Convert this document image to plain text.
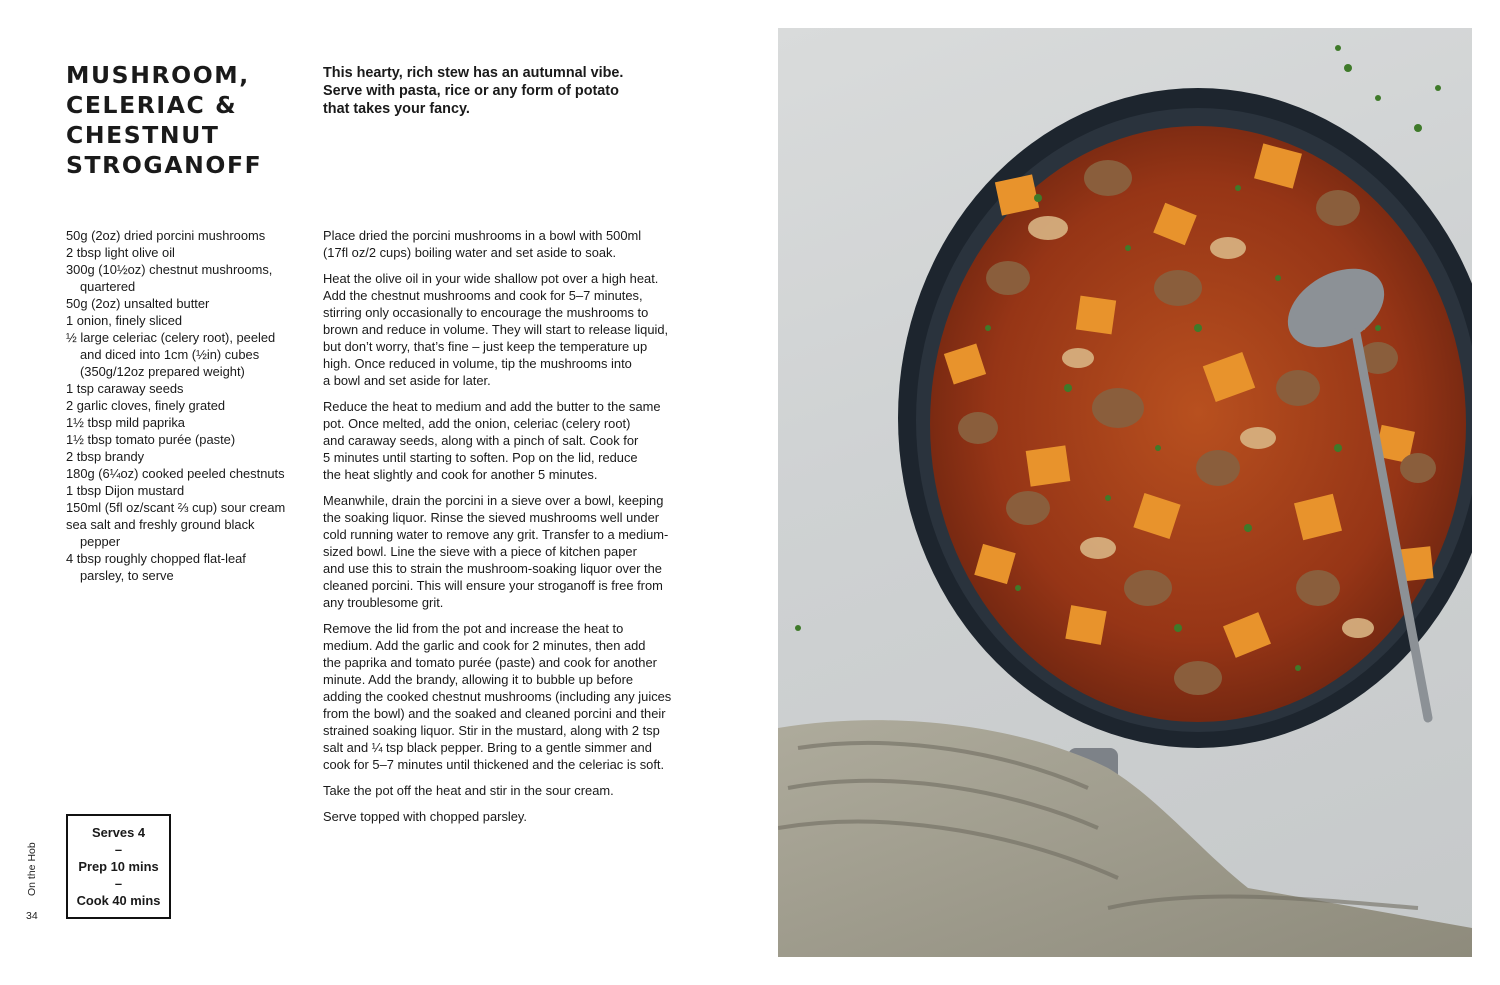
MUSHROOM,
CELERIAC &
CHESTNUT
STROGANOFF
This hearty, rich stew has an autumnal vibe.
Serve with pasta, rice or any form of potato
that takes your fancy.
50g (2oz) dried porcini mushrooms
2 tbsp light olive oil
300g (10½oz) chestnut mushrooms,
quartered
50g (2oz) unsalted butter
1 onion, finely sliced
½ large celeriac (celery root), peeled
and diced into 1cm (½in) cubes
(350g/12oz prepared weight)
1 tsp caraway seeds
2 garlic cloves, finely grated
1½ tbsp mild paprika
1½ tbsp tomato purée (paste)
2 tbsp brandy
180g (6¼oz) cooked peeled chestnuts
1 tbsp Dijon mustard
150ml (5fl oz/scant ⅔ cup) sour cream
sea salt and freshly ground black
pepper
4 tbsp roughly chopped flat-leaf
parsley, to serve

Place dried the porcini mushrooms in a bowl with 500ml
(17fl oz/2 cups) boiling water and set aside to soak.

Heat the olive oil in your wide shallow pot over a high heat.
Add the chestnut mushrooms and cook for 5–7 minutes,
stirring only occasionally to encourage the mushrooms to
brown and reduce in volume. They will start to release liquid,
but don’t worry, that’s fine – just keep the temperature up
high. Once reduced in volume, tip the mushrooms into
a bowl and set aside for later.

Reduce the heat to medium and add the butter to the same
pot. Once melted, add the onion, celeriac (celery root)
and caraway seeds, along with a pinch of salt. Cook for
5 minutes until starting to soften. Pop on the lid, reduce
the heat slightly and cook for another 5 minutes.

Meanwhile, drain the porcini in a sieve over a bowl, keeping
the soaking liquor. Rinse the sieved mushrooms well under
cold running water to remove any grit. Transfer to a medium-
sized bowl. Line the sieve with a piece of kitchen paper
and use this to strain the mushroom-soaking liquor over the
cleaned porcini. This will ensure your stroganoff is free from
any troublesome grit.

Remove the lid from the pot and increase the heat to
medium. Add the garlic and cook for 2 minutes, then add
the paprika and tomato purée (paste) and cook for another
minute. Add the brandy, allowing it to bubble up before
adding the cooked chestnut mushrooms (including any juices
from the bowl) and the soaked and cleaned porcini and their
strained soaking liquor. Stir in the mustard, along with 2 tsp
salt and ¼ tsp black pepper. Bring to a gentle simmer and
cook for 5–7 minutes until thickened and the celeriac is soft.

Take the pot off the heat and stir in the sour cream.

Serve topped with chopped parsley.

Serves 4
–
Prep 10 mins
–
Cook 40 mins
On the Hob
34
